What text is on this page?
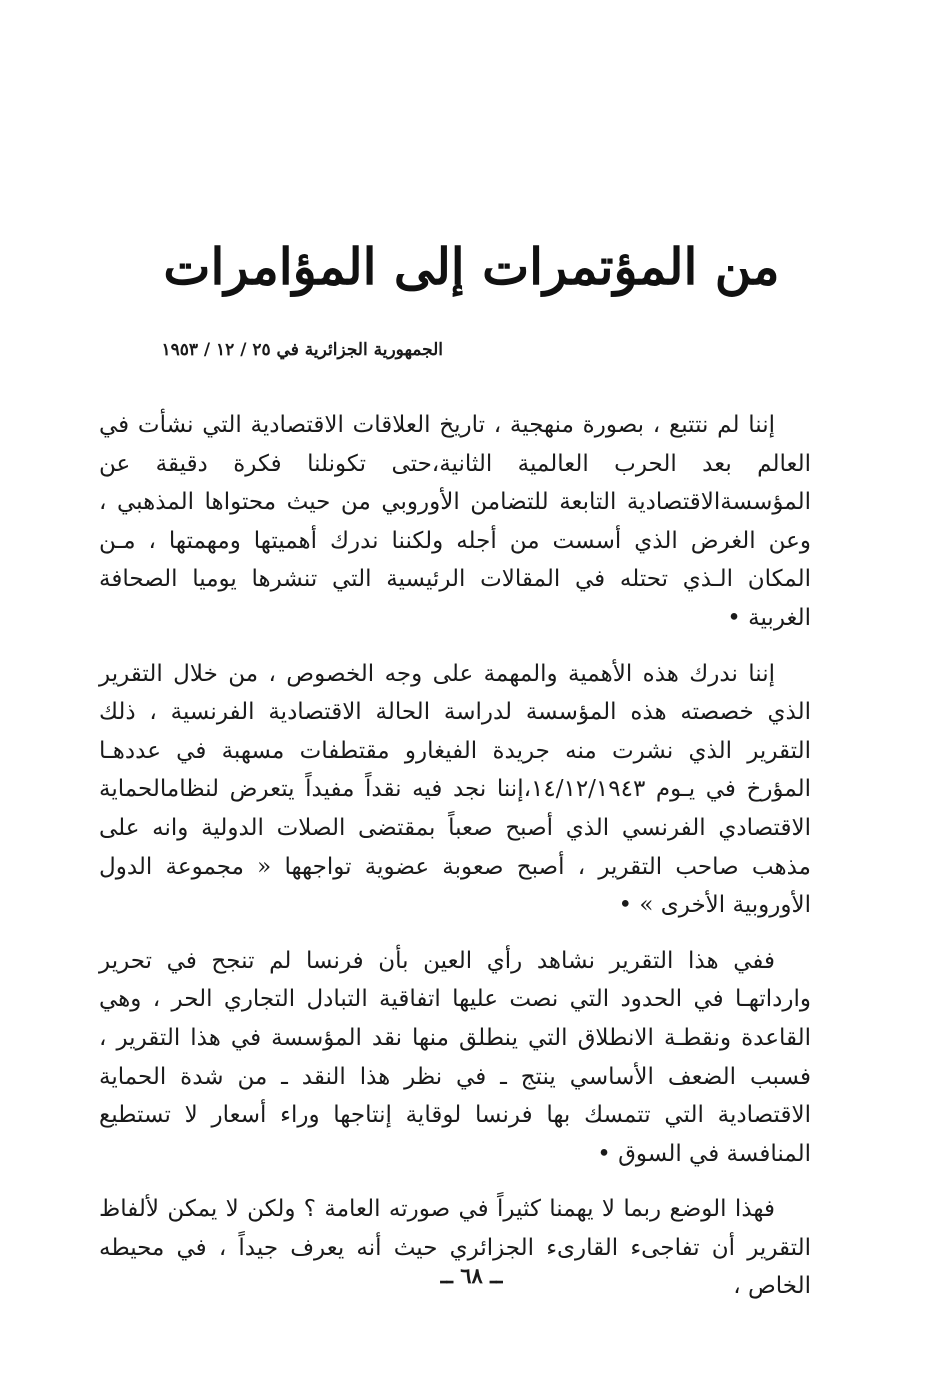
من المؤتمرات إلى المؤامرات
الجمهورية الجزائرية في ٢٥ / ١٢ / ١٩٥٣

إننا لم نتتبع ، بصورة منهجية ، تاريخ العلاقات الاقتصادية التي نشأت في العالم بعد الحرب العالمية الثانية،حتى تكونلنا فكرة دقيقة عن المؤسسةالاقتصادية التابعة للتضامن الأوروبي من حيث محتواها المذهبي ، وعن الغرض الذي أسست من أجله ولكننا ندرك أهميتها ومهمتها ، مـن المكان الـذي تحتله في المقالات الرئيسية التي تنشرها يوميا الصحافة الغربية •

إننا ندرك هذه الأهمية والمهمة على وجه الخصوص ، من خلال التقرير الذي خصصته هذه المؤسسة لدراسة الحالة الاقتصادية الفرنسية ، ذلك التقرير الذي نشرت منه جريدة الفيغارو مقتطفات مسهبة في عددهـا المؤرخ في يـوم ١٤/١٢/١٩٤٣،إننا نجد فيه نقداً مفيداً يتعرض لنظامالحماية الاقتصادي الفرنسي الذي أصبح صعباً بمقتضى الصلات الدولية وانه على مذهب صاحب التقرير ، أصبح صعوبة عضوية تواجهها « مجموعة الدول الأوروبية الأخرى » •

ففي هذا التقرير نشاهد رأي العين بأن فرنسا لم تنجح في تحرير وارداتهـا في الحدود التي نصت عليها اتفاقية التبادل التجاري الحر ، وهي القاعدة ونقطـة الانطلاق التي ينطلق منها نقد المؤسسة في هذا التقرير ، فسبب الضعف الأساسي ينتج ـ في نظر هذا النقد ـ من شدة الحماية الاقتصادية التي تتمسك بها فرنسا لوقاية إنتاجها وراء أسعار لا تستطيع المنافسة في السوق •

فهذا الوضع ربما لا يهمنا كثيراً في صورته العامة ؟ ولكن لا يمكن لألفاظ التقرير أن تفاجىء القارىء الجزائري حيث أنه يعرف جيداً ، في محيطه الخاص ،

ــ ٦٨ ــ
